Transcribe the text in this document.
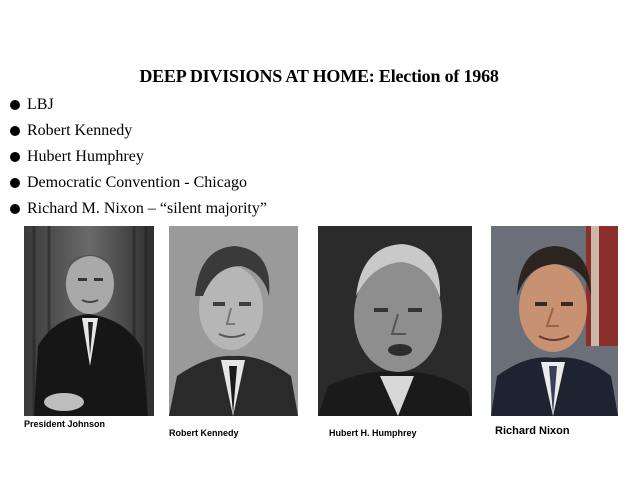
DEEP DIVISIONS AT HOME: Election of 1968
LBJ
Robert Kennedy
Hubert Humphrey
Democratic Convention - Chicago
Richard M. Nixon – “silent majority”
President Johnson
Robert Kennedy	Hubert H. Humphrey	Richard Nixon
